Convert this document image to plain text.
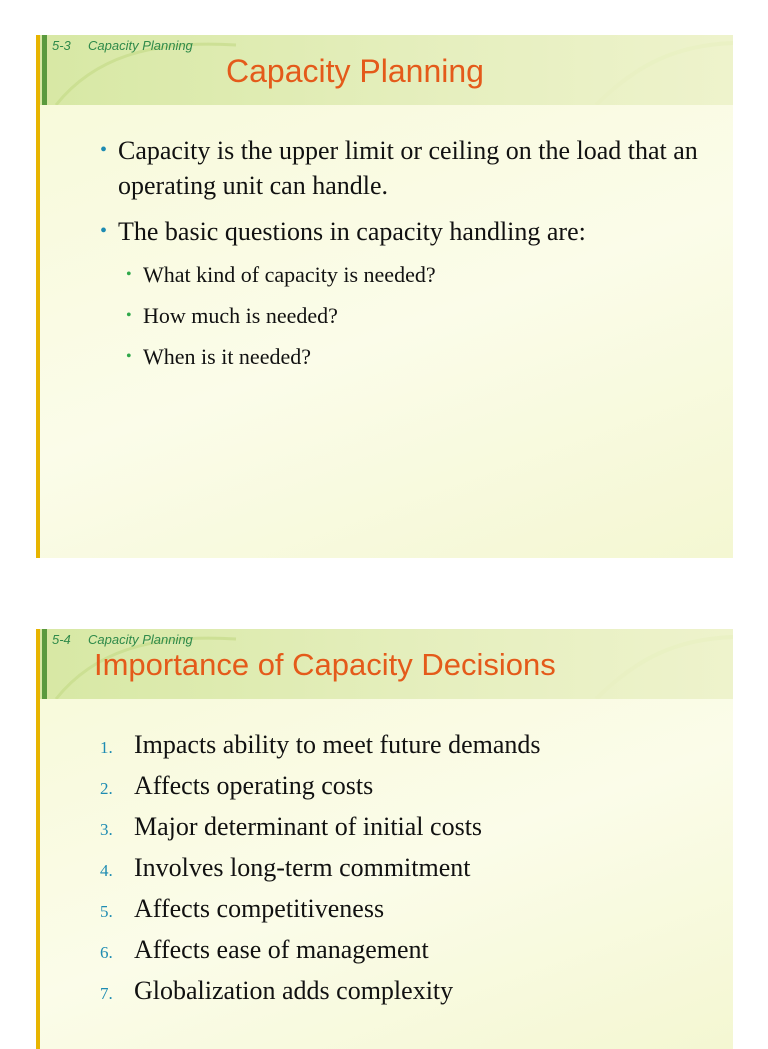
5-3 Capacity Planning
Capacity Planning
• Capacity is the upper limit or ceiling on the load that an operating unit can handle.
• The basic questions in capacity handling are:
• What kind of capacity is needed?
• How much is needed?
• When is it needed?
5-4 Capacity Planning
Importance of Capacity Decisions
1. Impacts ability to meet future demands
2. Affects operating costs
3. Major determinant of initial costs
4. Involves long-term commitment
5. Affects competitiveness
6. Affects ease of management
7. Globalization adds complexity
